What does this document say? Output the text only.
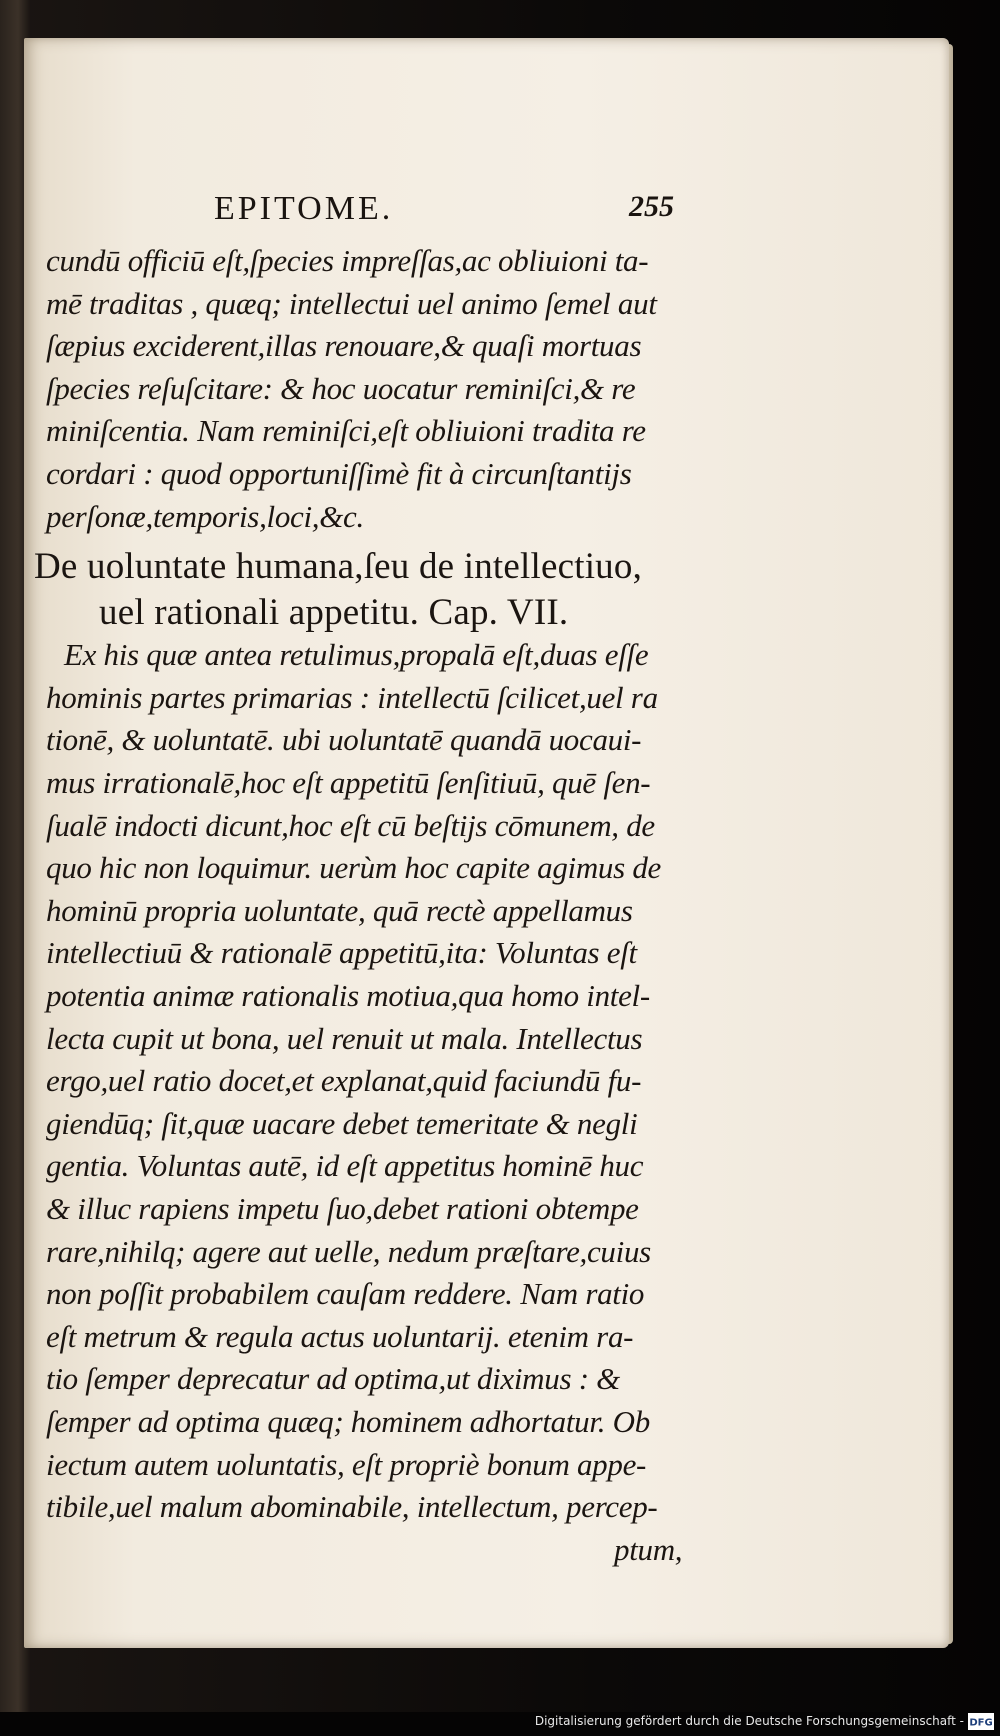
EPITOME.	255
cundū officiū eſt,ſpecies impreſſas,ac obliuioni ta-
mē traditas , quæq; intellectui uel animo ſemel aut
ſæpius exciderent,illas renouare,& quaſi mortuas
ſpecies reſuſcitare: & hoc uocatur reminiſci,& re
miniſcentia. Nam reminiſci,eſt obliuioni tradita re
cordari : quod opportuniſſimè fit à circunſtantijs
perſonæ,temporis,loci,&c.
De uoluntate humana,ſeu de intellectiuo,
uel rationali appetitu. Cap. VII.
Ex his quæ antea retulimus,propalā eſt,duas eſſe
hominis partes primarias : intellectū ſcilicet,uel ra
tionē, & uoluntatē. ubi uoluntatē quandā uocaui-
mus irrationalē,hoc eſt appetitū ſenſitiuū, quē ſen-
ſualē indocti dicunt,hoc eſt cū beſtijs cōmunem, de
quo hic non loquimur. uerùm hoc capite agimus de
hominū propria uoluntate, quā rectè appellamus
intellectiuū & rationalē appetitū,ita: Voluntas eſt
potentia animæ rationalis motiua,qua homo intel-
lecta cupit ut bona, uel renuit ut mala. Intellectus
ergo,uel ratio docet,et explanat,quid faciundū fu-
giendūq; ſit,quæ uacare debet temeritate & negli
gentia. Voluntas autē, id eſt appetitus hominē huc
& illuc rapiens impetu ſuo,debet rationi obtempe
rare,nihilq; agere aut uelle, nedum præſtare,cuius
non poſſit probabilem cauſam reddere. Nam ratio
eſt metrum & regula actus uoluntarij. etenim ra-
tio ſemper deprecatur ad optima,ut diximus : &
ſemper ad optima quæq; hominem adhortatur. Ob
iectum autem uoluntatis, eſt propriè bonum appe-
tibile,uel malum abominabile, intellectum, percep-
ptum,
Digitalisierung gefördert durch die Deutsche Forschungsgemeinschaft - DFG
